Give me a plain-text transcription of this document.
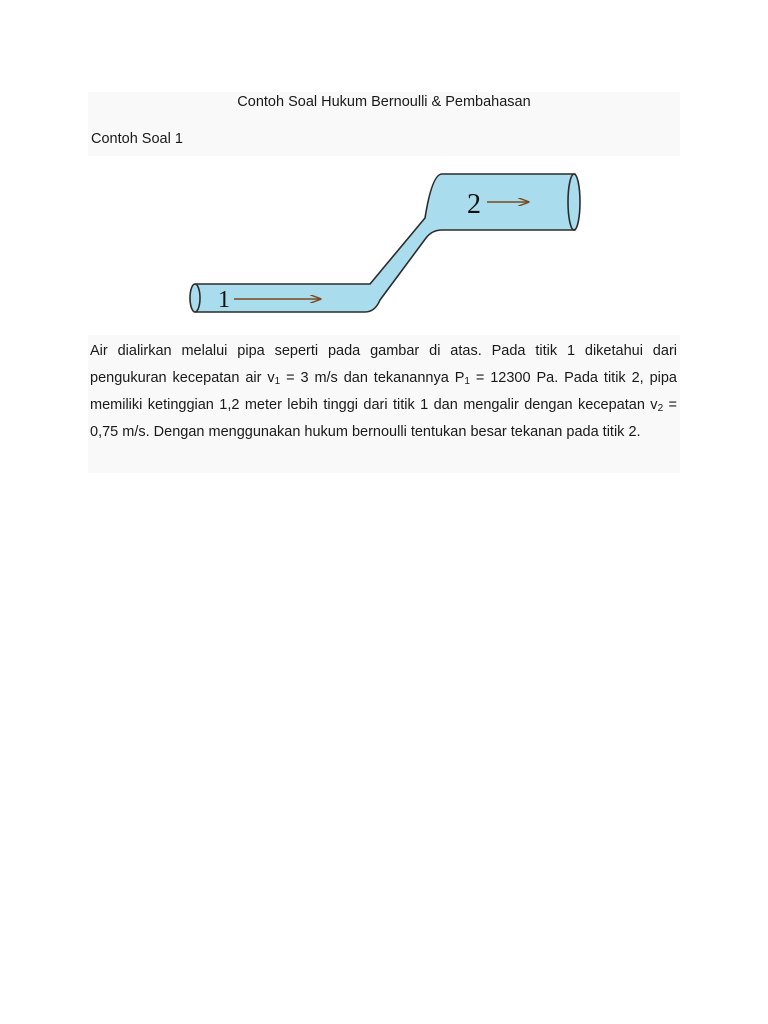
Contoh Soal Hukum Bernoulli & Pembahasan
Contoh Soal 1
1
2

Air dialirkan melalui pipa seperti pada gambar di atas. Pada titik 1 diketahui dari pengukuran kecepatan air $v_1 = 3$ m/s dan tekanannya $P_1 = 12300$ Pa. Pada titik 2, pipa memiliki ketinggian 1,2 meter lebih tinggi dari titik 1 dan mengalir dengan kecepatan $v_2 = 0,75$ m/s. Dengan menggunakan hukum bernoulli tentukan besar tekanan pada titik 2.
